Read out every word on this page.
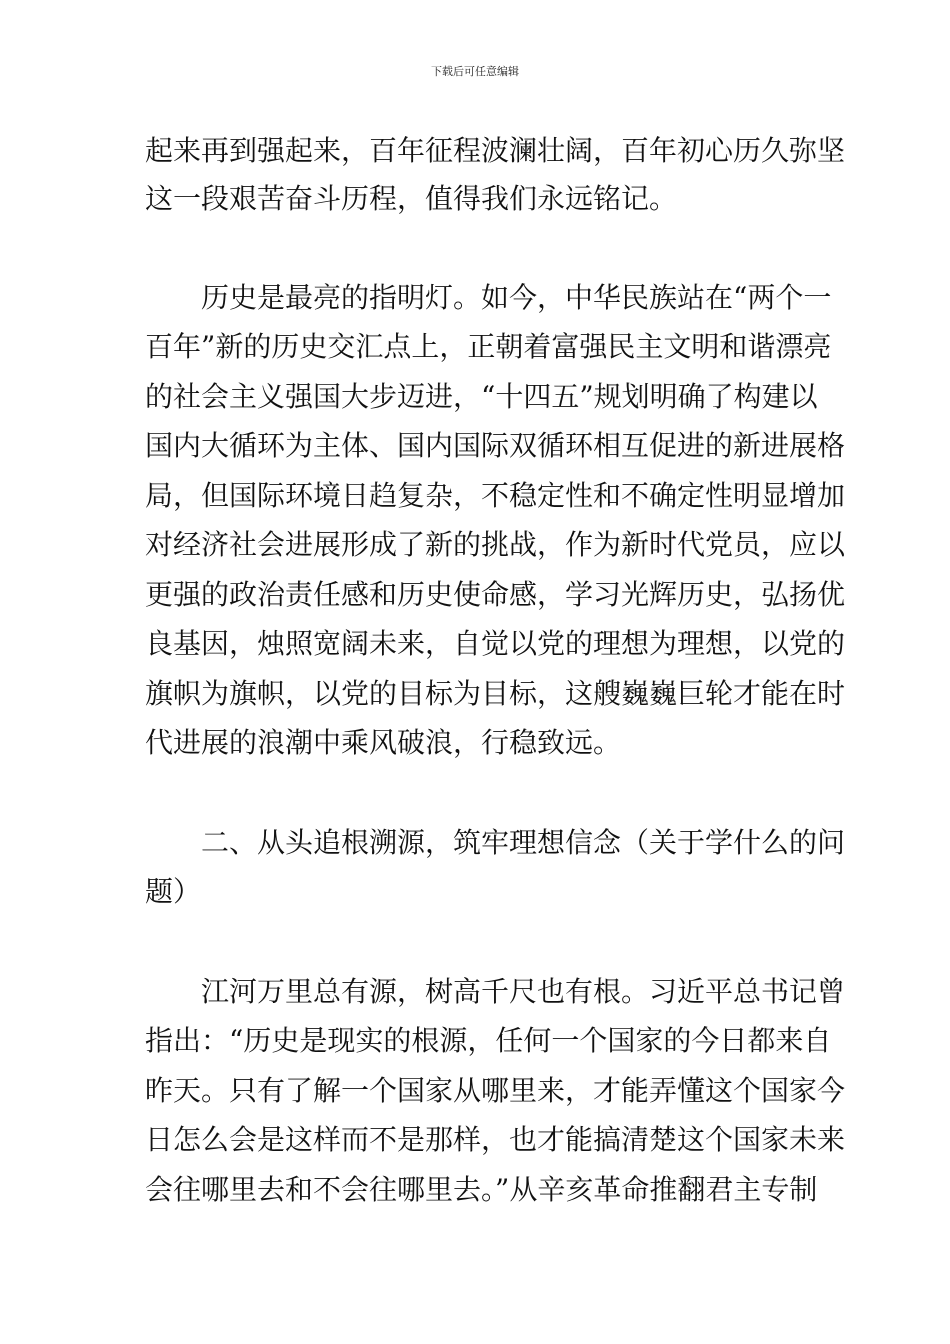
下载后可任意编辑

起来再到强起来，百年征程波澜壮阔，百年初心历久弥坚

这一段艰苦奋斗历程，值得我们永远铭记。

　　历史是最亮的指明灯。如今，中华民族站在“两个一

百年”新的历史交汇点上，正朝着富强民主文明和谐漂亮

的社会主义强国大步迈进，“十四五”规划明确了构建以

国内大循环为主体、国内国际双循环相互促进的新进展格

局，但国际环境日趋复杂，不稳定性和不确定性明显增加

对经济社会进展形成了新的挑战，作为新时代党员，应以

更强的政治责任感和历史使命感，学习光辉历史，弘扬优

良基因，烛照宽阔未来，自觉以党的理想为理想，以党的

旗帜为旗帜，以党的目标为目标，这艘巍巍巨轮才能在时

代进展的浪潮中乘风破浪，行稳致远。

　　二、从头追根溯源，筑牢理想信念（关于学什么的问

题）

　　江河万里总有源，树高千尺也有根。习近平总书记曾

指出：“历史是现实的根源，任何一个国家的今日都来自

昨天。只有了解一个国家从哪里来，才能弄懂这个国家今

日怎么会是这样而不是那样，也才能搞清楚这个国家未来

会往哪里去和不会往哪里去。”从辛亥革命推翻君主专制
